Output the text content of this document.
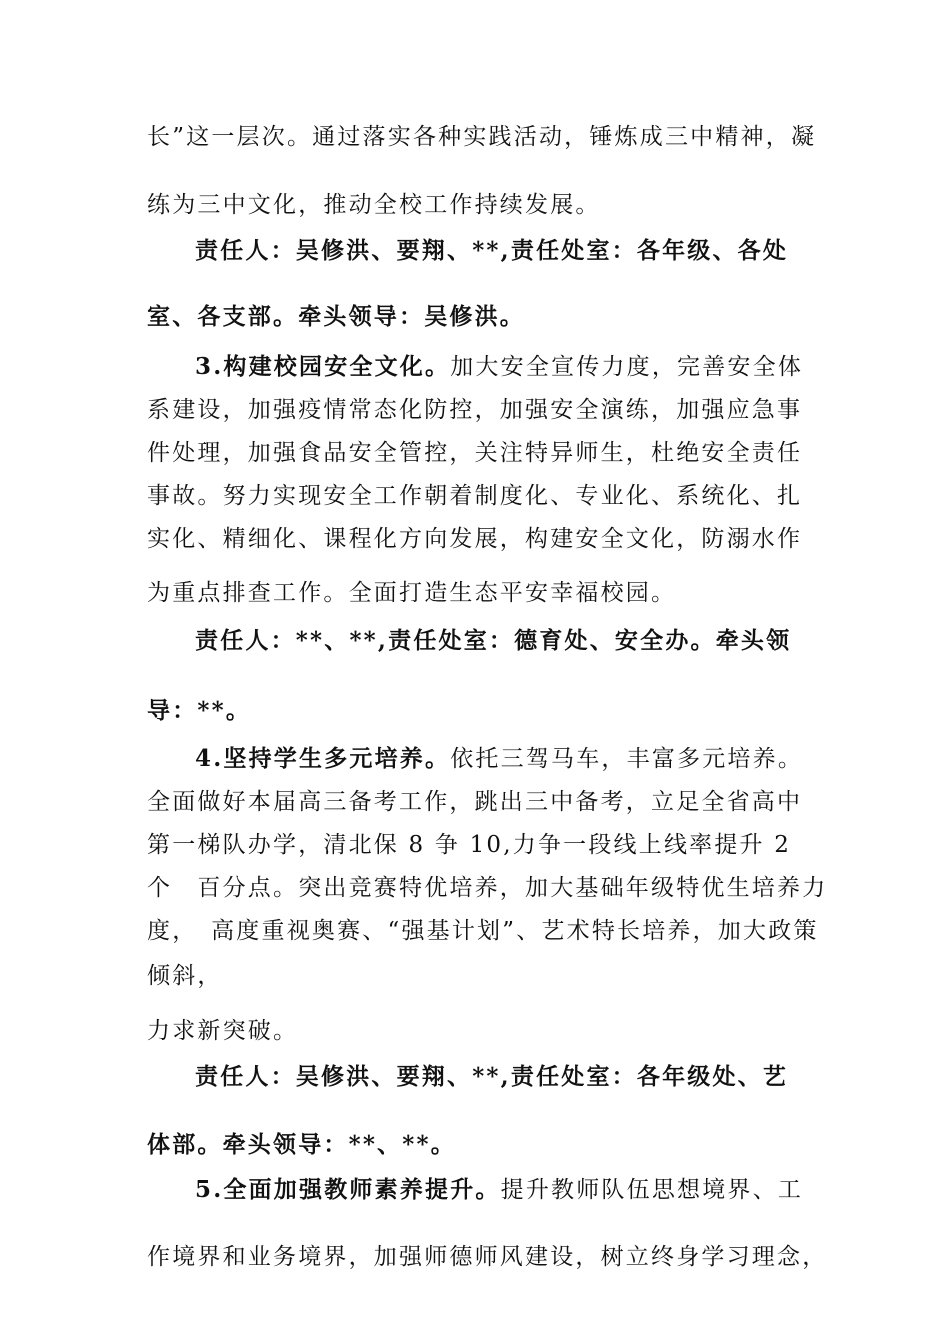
长”这一层次。通过落实各种实践活动，锤炼成三中精神，凝
练为三中文化，推动全校工作持续发展。
责任人：吴修洪、要翔、**,责任处室：各年级、各处
室、各支部。牵头领导：吴修洪。
3.构建校园安全文化。加大安全宣传力度，完善安全体
系建设，加强疫情常态化防控，加强安全演练，加强应急事
件处理，加强食品安全管控，关注特异师生，杜绝安全责任
事故。努力实现安全工作朝着制度化、专业化、系统化、扎
实化、精细化、课程化方向发展，构建安全文化，防溺水作
为重点排查工作。全面打造生态平安幸福校园。
责任人：**、**,责任处室：德育处、安全办。牵头领
导：**。
4.坚持学生多元培养。依托三驾马车，丰富多元培养。
全面做好本届高三备考工作，跳出三中备考，立足全省高中
第一梯队办学，清北保 8 争 10,力争一段线上线率提升 2
个　百分点。突出竞赛特优培养，加大基础年级特优生培养力
度，　高度重视奥赛、“强基计划”、艺术特长培养，加大政策
倾斜，
力求新突破。
责任人：吴修洪、要翔、**,责任处室：各年级处、艺
体部。牵头领导：**、**。
5.全面加强教师素养提升。提升教师队伍思想境界、工
作境界和业务境界，加强师德师风建设，树立终身学习理念，
